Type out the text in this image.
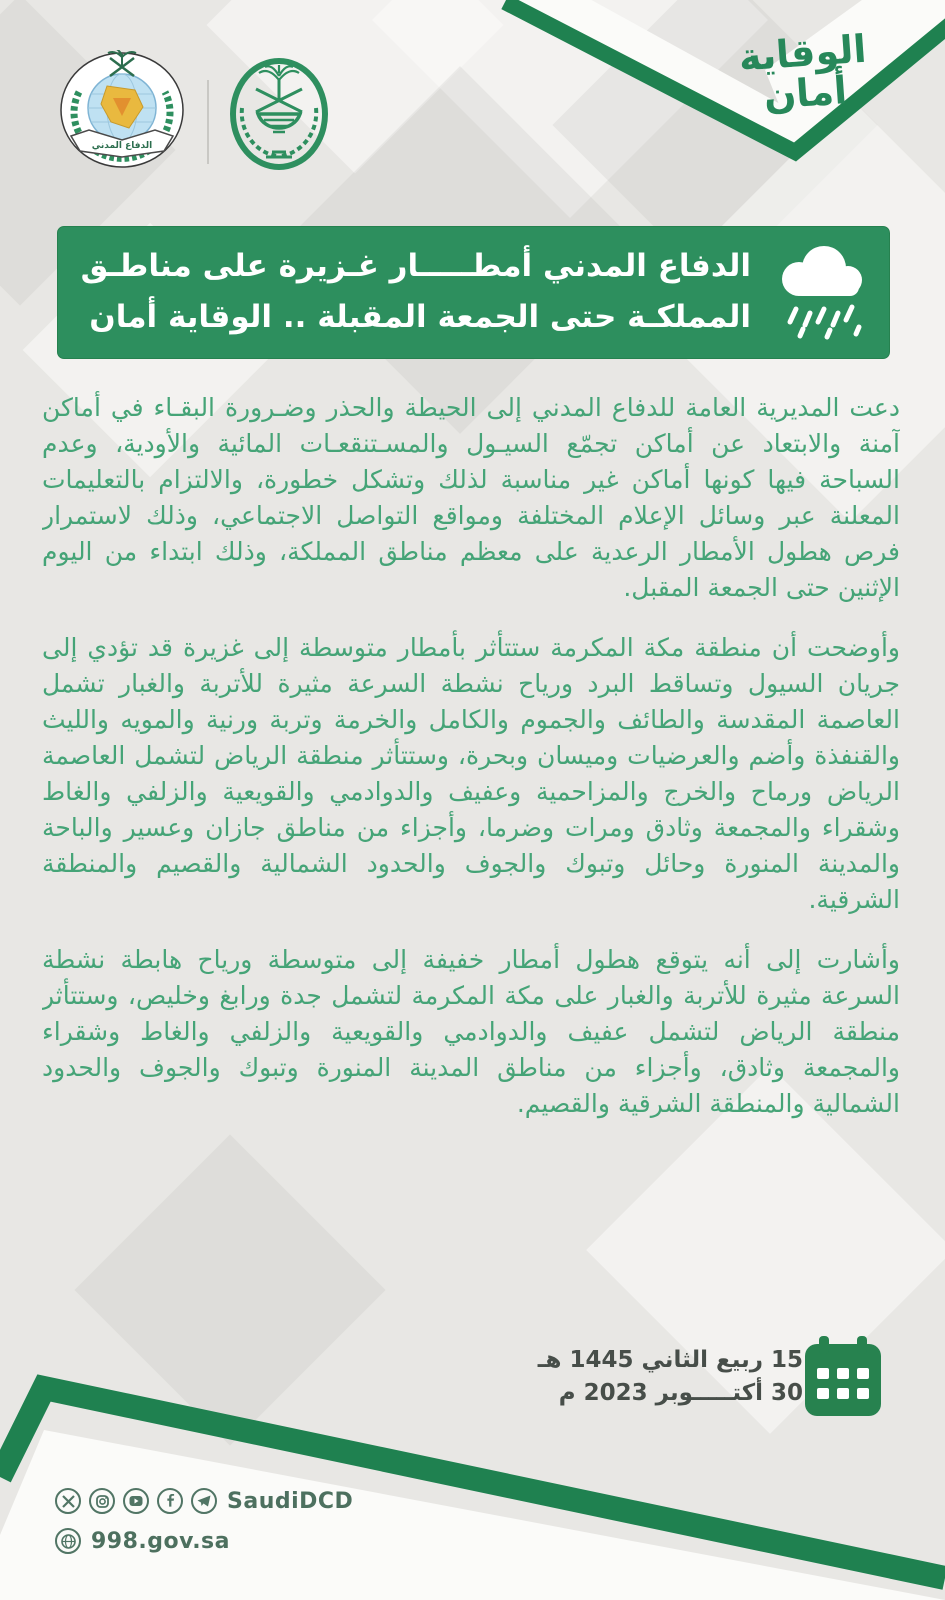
الوقاية أمان
الدفاع المدني
الدفاع المدني أمطـــــار غـزيرة على مناطـق
المملكـة حتى الجمعة المقبلة .. الوقاية أمان

دعت المديرية العامة للدفاع المدني إلى الحيطة والحذر وضـرورة البقـاء في أماكن آمنة والابتعاد عن أماكن تجمّع السيـول والمسـتنقعـات المائية والأودية، وعدم السباحة فيها كونها أماكن غير مناسبة لذلك وتشكل خطورة، والالتزام بالتعليمات المعلنة عبر وسائل الإعلام المختلفة ومواقع التواصل الاجتماعي، وذلك لاستمرار فرص هطول الأمطار الرعدية على معظم مناطق المملكة، وذلك ابتداء من اليوم الإثنين حتى الجمعة المقبل.

وأوضحت أن منطقة مكة المكرمة ستتأثر بأمطار متوسطة إلى غزيرة قد تؤدي إلى جريان السيول وتساقط البرد ورياح نشطة السرعة مثيرة للأتربة والغبار تشمل العاصمة المقدسة والطائف والجموم والكامل والخرمة وتربة ورنية والمويه والليث والقنفذة وأضم والعرضيات وميسان وبحرة، وستتأثر منطقة الرياض لتشمل العاصمة الرياض ورماح والخرج والمزاحمية وعفيف والدوادمي والقويعية والزلفي والغاط وشقراء والمجمعة وثادق ومرات وضرما، وأجزاء من مناطق جازان وعسير والباحة والمدينة المنورة وحائل وتبوك والجوف والحدود الشمالية والقصيم والمنطقة الشرقية.

وأشارت إلى أنه يتوقع هطول أمطار خفيفة إلى متوسطة ورياح هابطة نشطة السرعة مثيرة للأتربة والغبار على مكة المكرمة لتشمل جدة ورابغ وخليص، وستتأثر منطقة الرياض لتشمل عفيف والدوادمي والقويعية والزلفي والغاط وشقراء والمجمعة وثادق، وأجزاء من مناطق المدينة المنورة وتبوك والجوف والحدود الشمالية والمنطقة الشرقية والقصيم.

15 ربيع الثاني 1445 هـ
30 أكتـــــوبر 2023 م
SaudiDCD
998.gov.sa
